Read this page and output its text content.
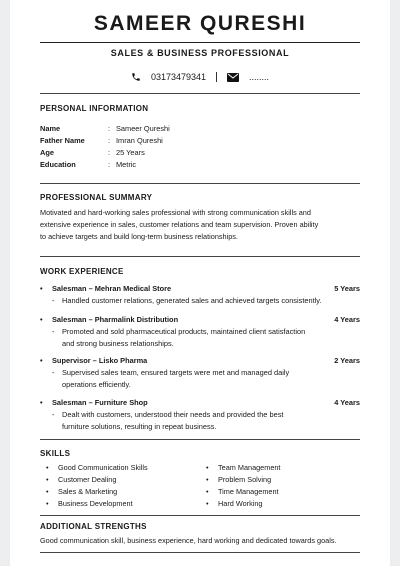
SAMEER QURESHI
SALES & BUSINESS PROFESSIONAL
03173479341	........
PERSONAL INFORMATION
Name	: Sameer Qureshi
Father Name	: Imran Qureshi
Age	: 25 Years
Education	: Metric
PROFESSIONAL SUMMARY
Motivated and hard-working sales professional with strong communication skills and
extensive experience in sales, customer relations and team supervision. Proven ability
to achieve targets and build long-term business relationships.
WORK EXPERIENCE
•	Salesman – Mehran Medical Store	5 Years
-	Handled customer relations, generated sales and achieved targets consistently.
•	Salesman – Pharmalink Distribution	4 Years
-	Promoted and sold pharmaceutical products, maintained client satisfaction
and strong business relationships.
•	Supervisor – Lisko Pharma	2 Years
-	Supervised sales team, ensured targets were met and managed daily
operations efficiently.
•	Salesman – Furniture Shop	4 Years
-	Dealt with customers, understood their needs and provided the best
furniture solutions, resulting in repeat business.
SKILLS
•	Good Communication Skills
•	Customer Dealing
•	Sales & Marketing
•	Business Development
•	Team Management
•	Problem Solving
•	Time Management
•	Hard Working
ADDITIONAL STRENGTHS
Good communication skill, business experience, hard working and dedicated towards goals.
